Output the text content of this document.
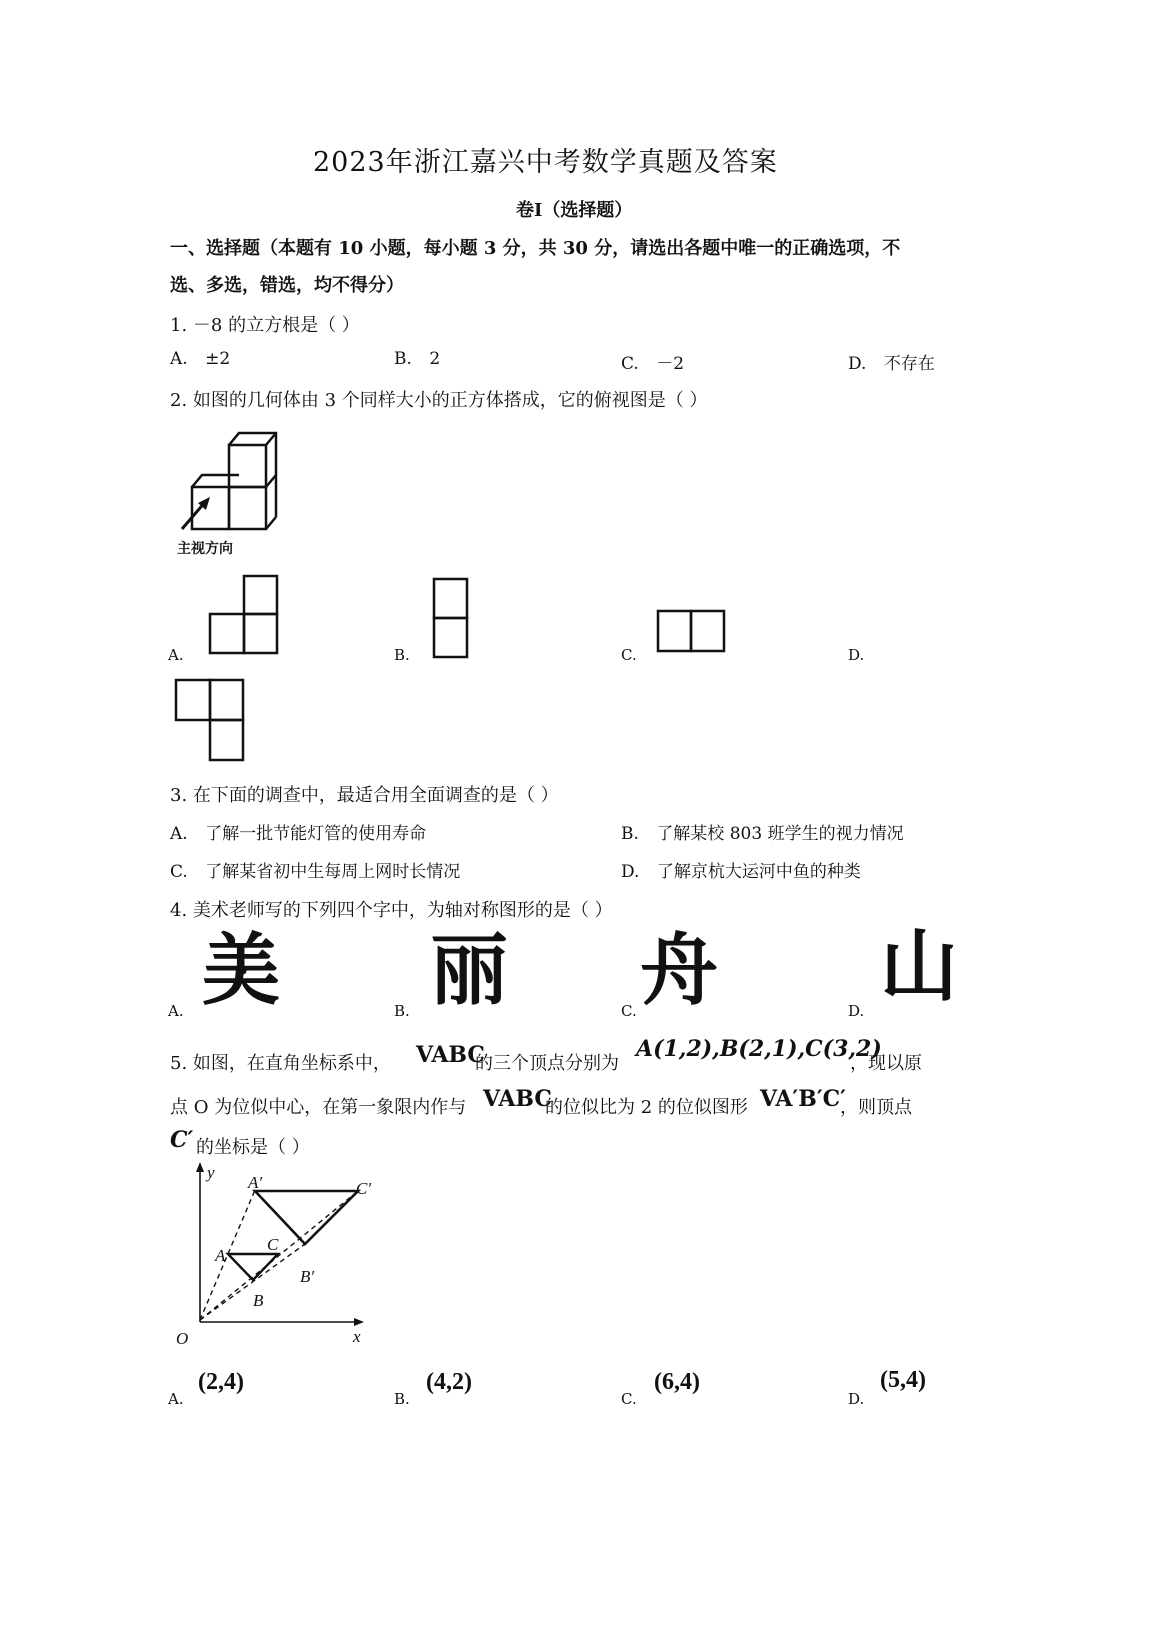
2023年浙江嘉兴中考数学真题及答案
卷Ⅰ（选择题）
一、选择题（本题有 10 小题，每小题 3 分，共 30 分，请选出各题中唯一的正确选项，不
选、多选，错选，均不得分）
1. －8 的立方根是（ ）
A. ±2	B. 2	C. －2	D. 不存在
2. 如图的几何体由 3 个同样大小的正方体搭成，它的俯视图是（ ）
主视方向
A.	B.	C.	D.
3. 在下面的调查中，最适合用全面调查的是（ ）
A. 了解一批节能灯管的使用寿命	B. 了解某校 803 班学生的视力情况
C. 了解某省初中生每周上网时长情况	D. 了解京杭大运河中鱼的种类
4. 美术老师写的下列四个字中，为轴对称图形的是（ ）
A. 美	B. 丽	C. 舟	D. 山
5. 如图，在直角坐标系中， VABC
的三个顶点分别为
A(1,2),B(2,1),C(3,2)
，现以原
点 O 为位似中心，在第一象限内作与 VABC
的位似比为 2 的位似图形 VA′B′C′
，则顶点
C′ 的坐标是（ ）
y
x
O
A
B
C
A′
B′
C′
A.
(2,4)
B.
(4,2)
C.
(6,4)
D.
(5,4)
